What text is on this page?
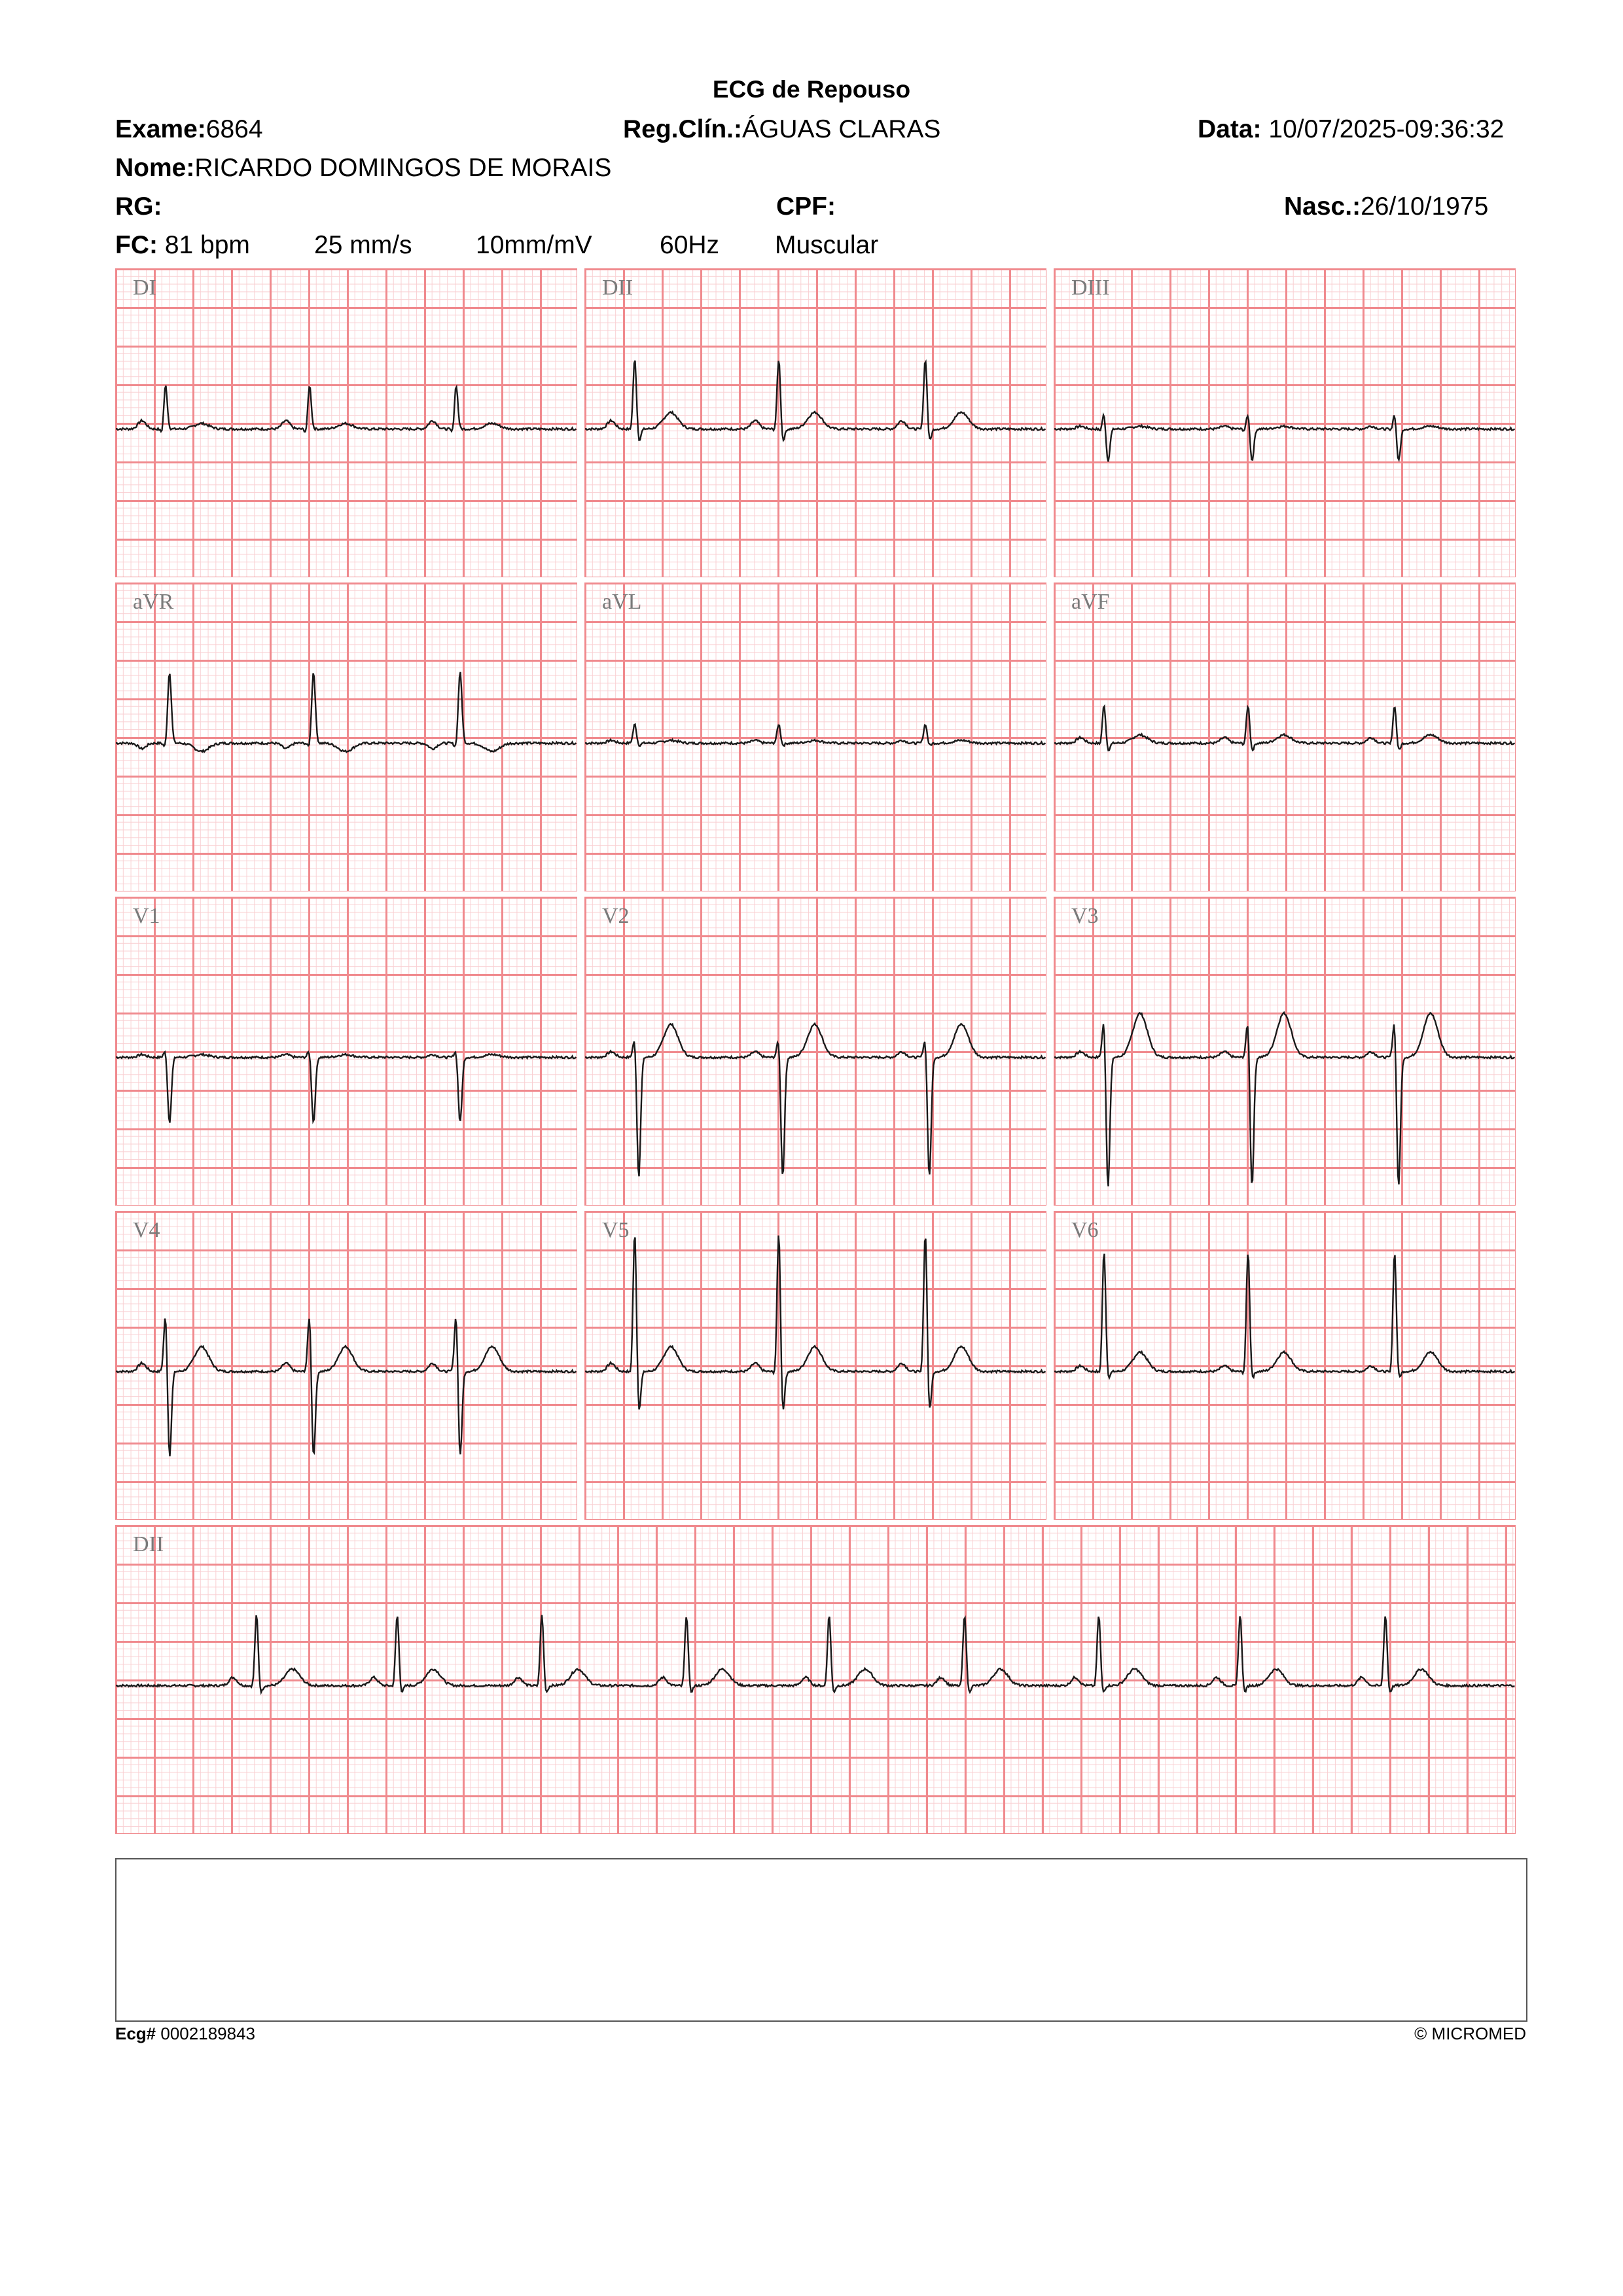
ECG de Repouso
Exame:6864	Reg.Clín.:ÁGUAS CLARAS	Data: 10/07/2025-09:36:32
Nome:RICARDO DOMINGOS DE MORAIS
RG:	CPF:	Nasc.:26/10/1975
FC: 81 bpm	25 mm/s 10mm/mV	60Hz Muscular
DI	DII	DIII
aVR	aVL	aVF
V1	V2	V3
V4	V5	V6
DII
Ecg# 0002189843	© MICROMED
